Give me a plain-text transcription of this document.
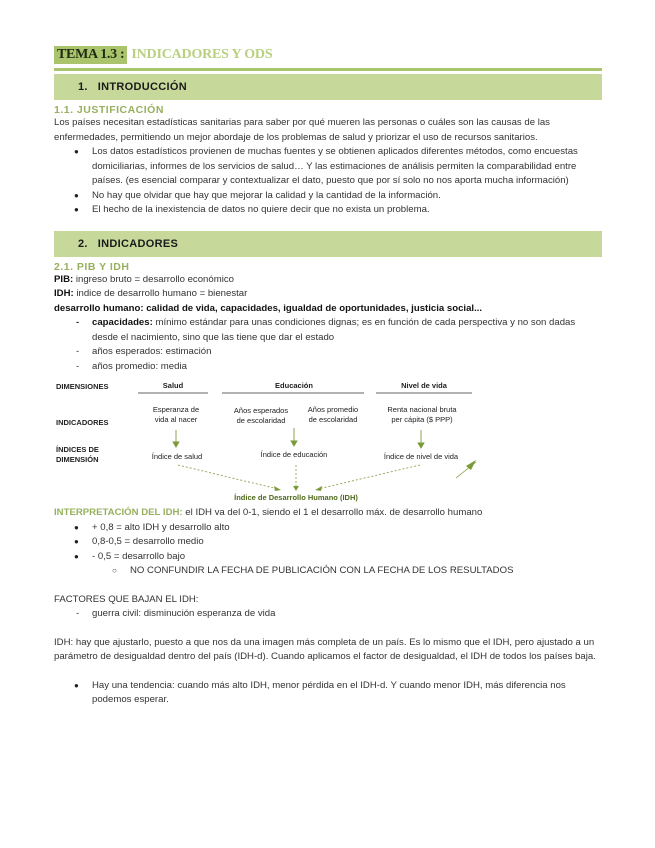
TEMA 1.3 : INDICADORES Y ODS
1. INTRODUCCIÓN
1.1. JUSTIFICACIÓN
Los países necesitan estadísticas sanitarias para saber por qué mueren las personas o cuáles son las causas de las enfermedades, permitiendo un mejor abordaje de los problemas de salud y priorizar el uso de recursos sanitarios.
● Los datos estadísticos provienen de muchas fuentes y se obtienen aplicados diferentes métodos, como encuestas domiciliarias, informes de los servicios de salud… Y las estimaciones de análisis permiten la comparabilidad entre países. (es esencial comparar y contextualizar el dato, puesto que por sí solo no nos aporta mucha información)
● No hay que olvidar que hay que mejorar la calidad y la cantidad de la información.
● El hecho de la inexistencia de datos no quiere decir que no exista un problema.
2. INDICADORES
2.1. PIB Y IDH
PIB: ingreso bruto = desarrollo económico
IDH: indice de desarrollo humano = bienestar
desarrollo humano: calidad de vida, capacidades, igualdad de oportunidades, justicia social...
- capacidades: mínimo estándar para unas condiciones dignas; es en función de cada perspectiva y no son dadas desde el nacimiento, sino que las tiene que dar el estado
- años esperados: estimación
- años promedio: media
DIMENSIONES
INDICADORES
ÍNDICES DE
DIMENSIÓN
Salud	Educación	Nivel de vida
Esperanza de
vida al nacer
Años esperados
de escolaridad
Años promedio
de escolaridad
Renta nacional bruta
per cápita ($ PPP)
Índice de salud	Índice de educación	Índice de nivel de vida
Índice de Desarrollo Humano (IDH)
INTERPRETACIÓN DEL IDH: el IDH va del 0-1, siendo el 1 el desarrollo máx. de desarrollo humano
● + 0,8 = alto IDH y desarrollo alto
● 0,8-0,5 = desarrollo medio
● - 0,5 = desarrollo bajo
○ NO CONFUNDIR LA FECHA DE PUBLICACIÓN CON LA FECHA DE LOS RESULTADOS
FACTORES QUE BAJAN EL IDH:
- guerra civil: disminución esperanza de vida
IDH: hay que ajustarlo, puesto a que nos da una imagen más completa de un país. Es lo mismo que el IDH, pero ajustado a un parámetro de desigualdad dentro del país (IDH-d). Cuando aplicamos el factor de desigualdad, el IDH de todos los países baja.
● Hay una tendencia: cuando más alto IDH, menor pérdida en el IDH-d. Y cuando menor IDH, más diferencia nos podemos esperar.
